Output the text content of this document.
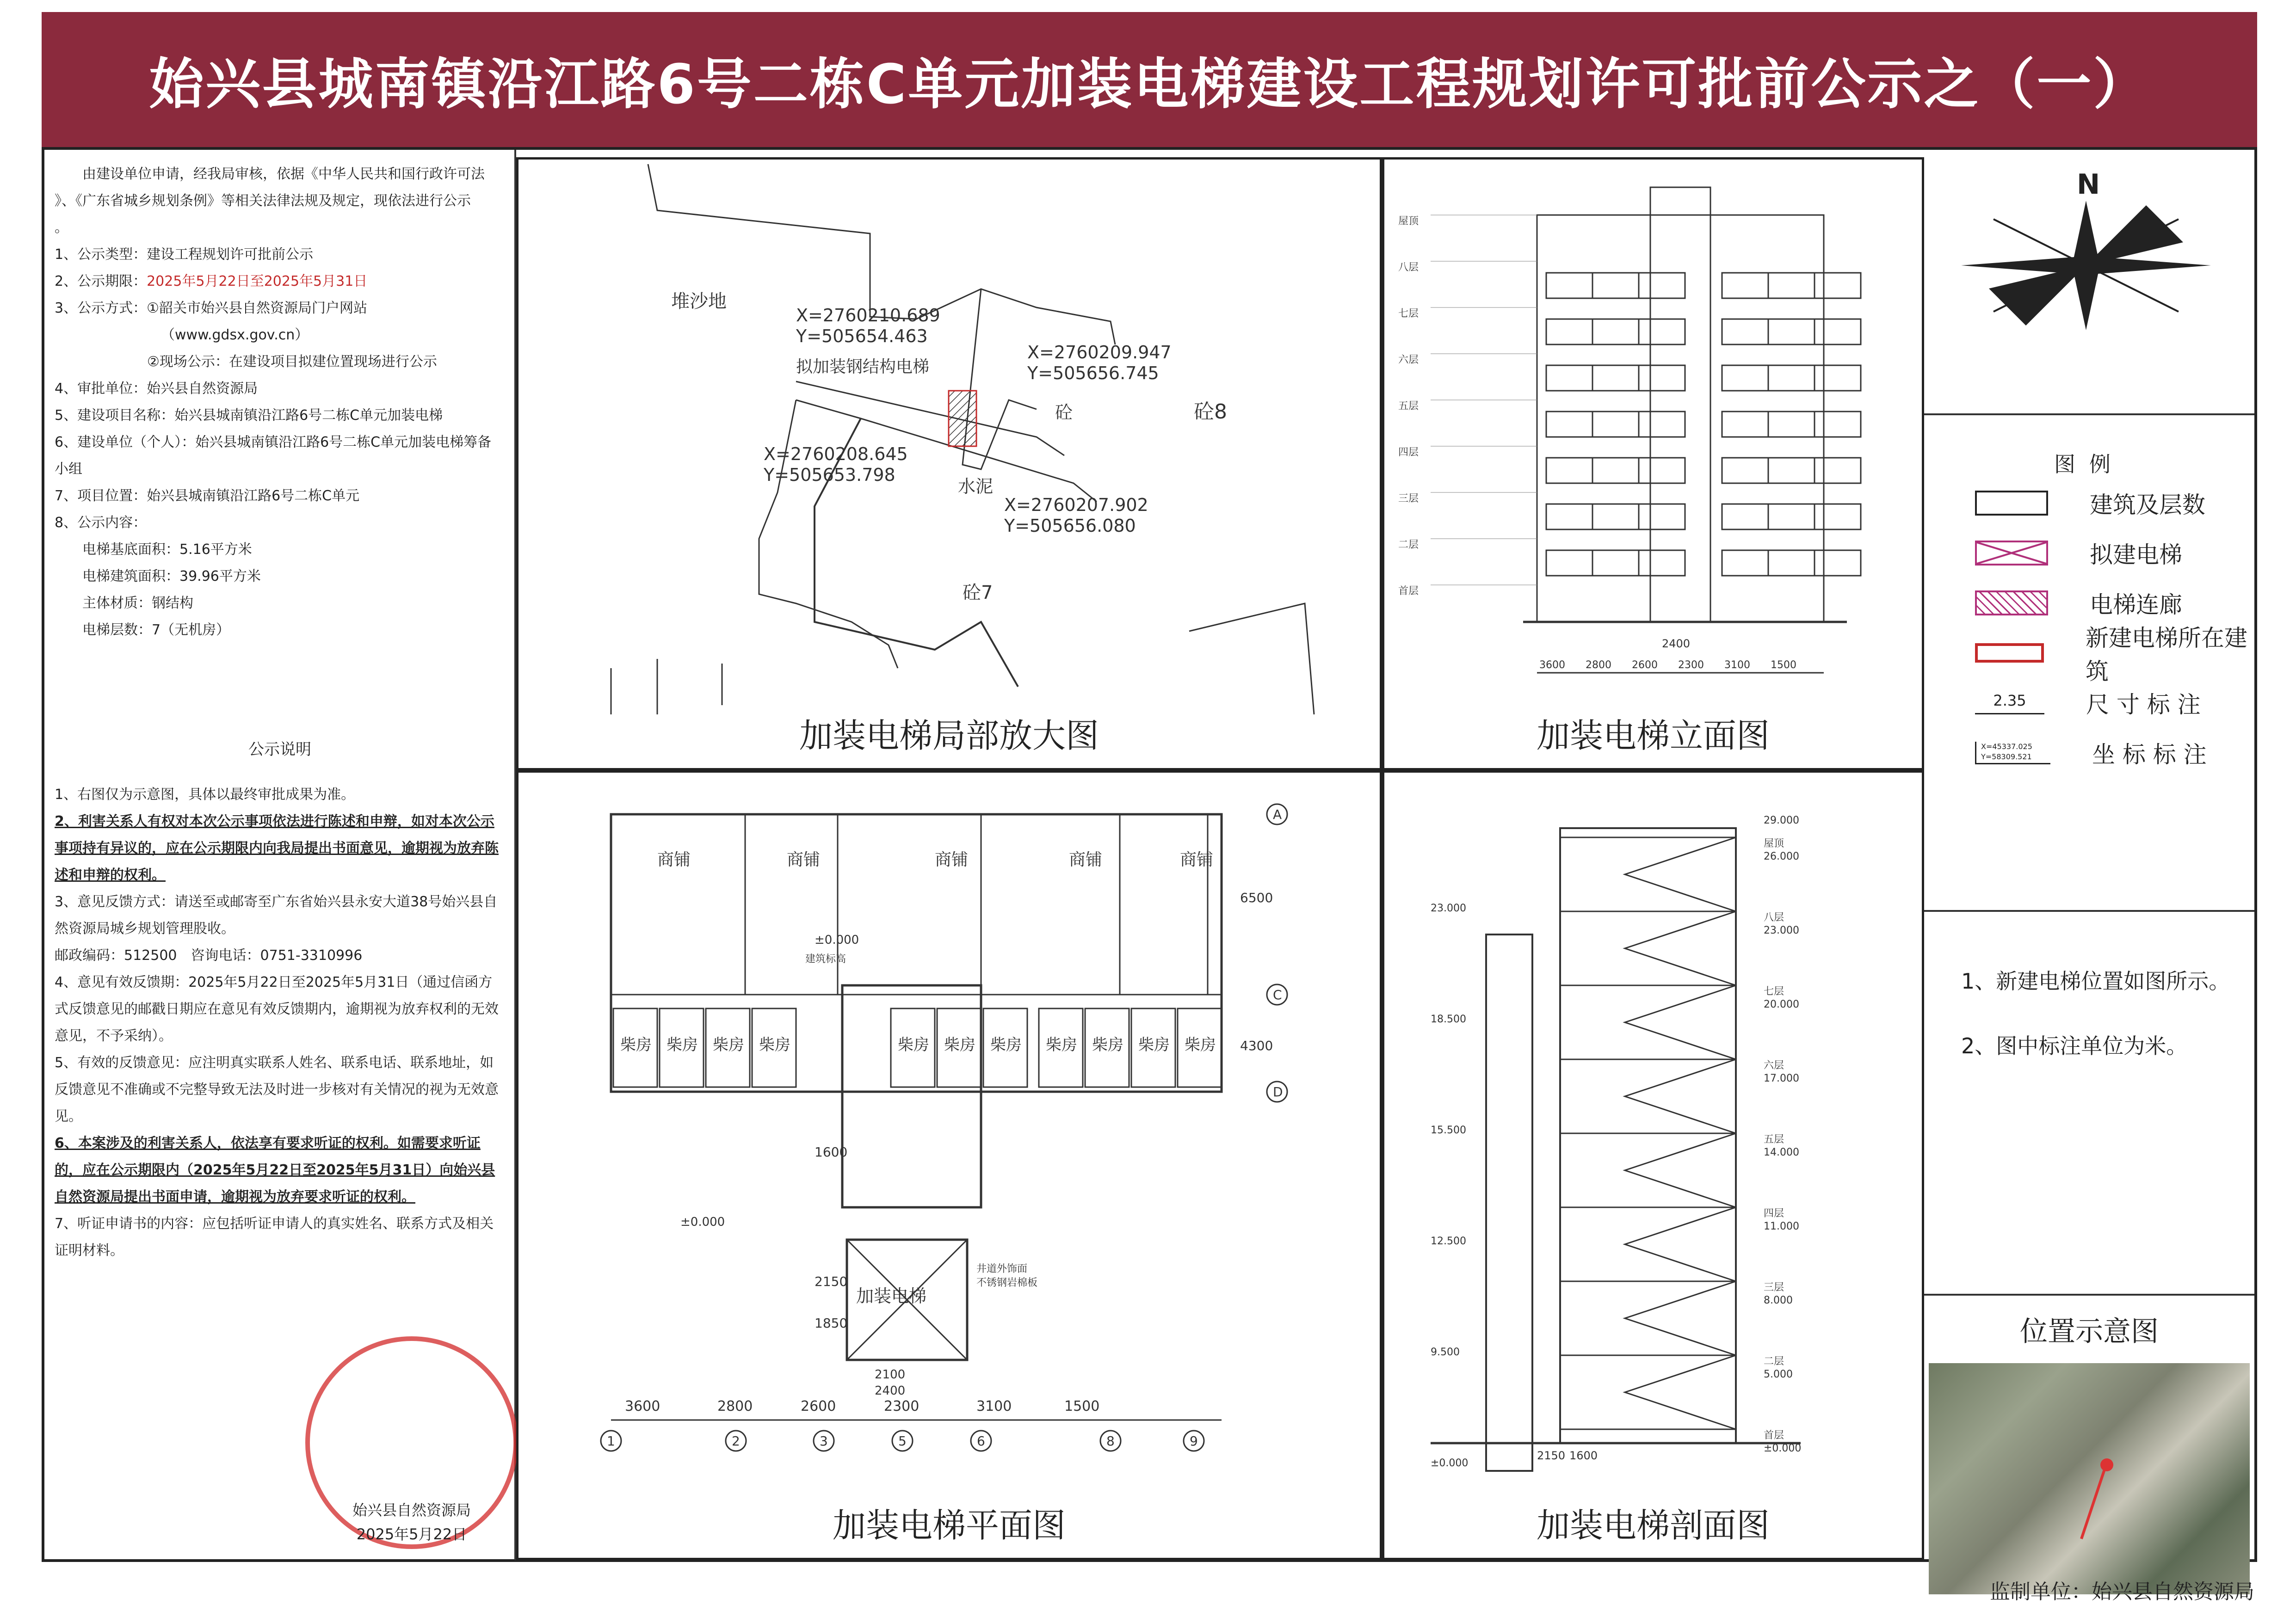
始兴县城南镇沿江路6号二栋C单元加装电梯建设工程规划许可批前公示之（一）

由建设单位申请，经我局审核，依据《中华人民共和国行政许可法

》、《广东省城乡规划条例》等相关法律法规及规定，现依法进行公示

。

1、公示类型：建设工程规划许可批前公示

2、公示期限：2025年5月22日至2025年5月31日

3、公示方式：①韶关市始兴县自然资源局门户网站

（www.gdsx.gov.cn）

②现场公示：在建设项目拟建位置现场进行公示

4、审批单位：始兴县自然资源局

5、建设项目名称：始兴县城南镇沿江路6号二栋C单元加装电梯

6、建设单位（个人）：始兴县城南镇沿江路6号二栋C单元加装电梯筹备

小组

7、项目位置：始兴县城南镇沿江路6号二栋C单元

8、公示内容：

电梯基底面积：5.16平方米

电梯建筑面积：39.96平方米

主体材质：钢结构

电梯层数：7（无机房）

公示说明

1、右图仅为示意图，具体以最终审批成果为准。

2、利害关系人有权对本次公示事项依法进行陈述和申辩，如对本次公示事项持有异议的，应在公示期限内向我局提出书面意见，逾期视为放弃陈述和申辩的权利。

3、意见反馈方式：请送至或邮寄至广东省始兴县永安大道38号始兴县自然资源局城乡规划管理股收。

邮政编码：512500　咨询电话：0751-3310996

4、意见有效反馈期：2025年5月22日至2025年5月31日（通过信函方式反馈意见的邮戳日期应在意见有效反馈期内，逾期视为放弃权利的无效意见，不予采纳）。

5、有效的反馈意见：应注明真实联系人姓名、联系电话、联系地址，如反馈意见不准确或不完整导致无法及时进一步核对有关情况的视为无效意见。

6、本案涉及的利害关系人，依法享有要求听证的权利。如需要求听证的，应在公示期限内（2025年5月22日至2025年5月31日）向始兴县自然资源局提出书面申请，逾期视为放弃要求听证的权利。

7、听证申请书的内容：应包括听证申请人的真实姓名、联系方式及相关证明材料。

始兴县自然资源局
2025年5月22日
堆沙地
X=2760210.689
Y=505654.463
X=2760209.947
Y=505656.745
拟加装钢结构电梯
X=2760208.645
Y=505653.798
X=2760207.902
Y=505656.080
砼8
砼
水泥
砼7
加装电梯局部放大图
2400
3600 2800 2600 2300 3100 1500
屋顶
八层
七层
六层
五层
四层
三层
二层
首层
加装电梯立面图
加装电梯
井道外饰面
不锈钢岩棉板
2100
2400
±0.000
建筑标高
±0.000
商铺	商铺	商铺	商铺	商铺
柴房 柴房 柴房 柴房	柴房 柴房 柴房 柴房 柴房 柴房 柴房
3600	2800	2600	2300	3100	1500
1	2	3	5	6	8	9
A
C
D
6500
4300
1600
2150
1850
加装电梯平面图
2150 1600
屋顶
26.000
八层
23.000
七层
20.000
六层
17.000
五层
14.000
四层
11.000
三层
8.000
二层
5.000
首层
±0.000
29.000
23.000
18.500
15.500
12.500
9.500
±0.000
加装电梯剖面图
N
图例
建筑及层数
拟建电梯
电梯连廊
新建电梯所在建筑
2.35	尺 寸 标 注
X=45337.025
Y=58309.521	坐 标 标 注
1、新建电梯位置如图所示。
2、图中标注单位为米。
位置示意图
监制单位：始兴县自然资源局
